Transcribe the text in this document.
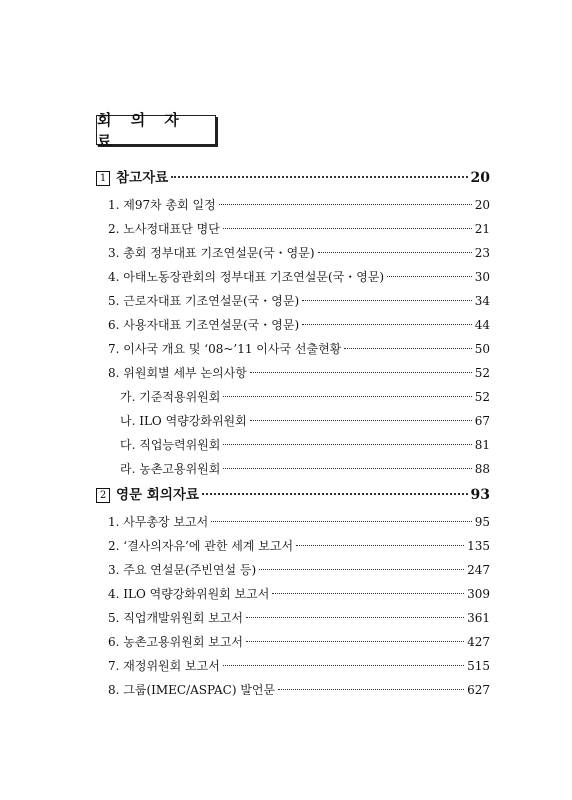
회 의 자 료
1 참고자료	20
1. 제97차 총회 일정	20
2. 노사정대표단 명단	21
3. 총회 정부대표 기조연설문(국・영문)	23
4. 아태노동장관회의 정부대표 기조연설문(국・영문)	30
5. 근로자대표 기조연설문(국・영문)	34
6. 사용자대표 기조연설문(국・영문)	44
7. 이사국 개요 및 ‘08~’11 이사국 선출현황	50
8. 위원회별 세부 논의사항	52
가. 기준적용위원회	52
나. ILO 역량강화위원회	67
다. 직업능력위원회	81
라. 농촌고용위원회	88
2 영문 회의자료	93
1. 사무총장 보고서	95
2. ‘결사의자유’에 관한 세계 보고서	135
3. 주요 연설문(주빈연설 등)	247
4. ILO 역량강화위원회 보고서	309
5. 직업개발위원회 보고서	361
6. 농촌고용위원회 보고서	427
7. 재정위원회 보고서	515
8. 그룹(IMEC/ASPAC) 발언문	627
